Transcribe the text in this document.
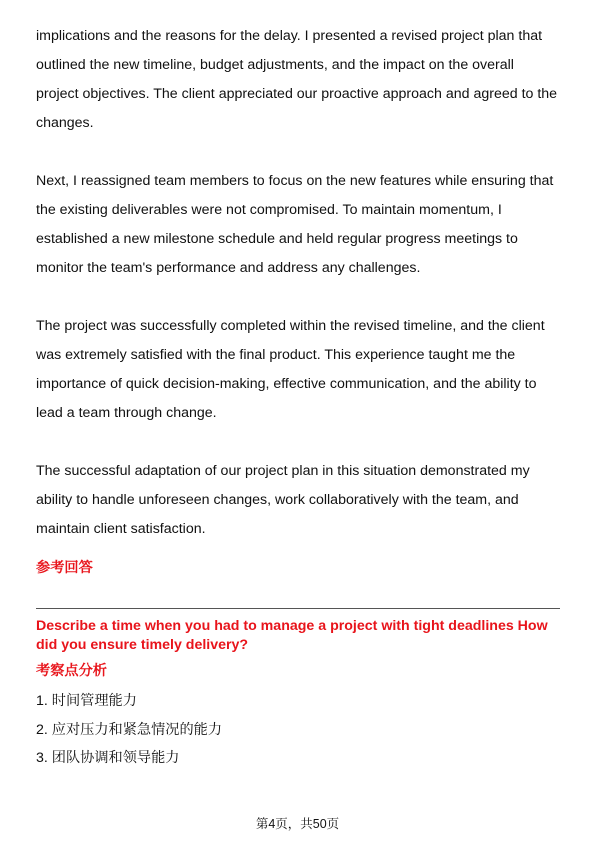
implications and the reasons for the delay. I presented a revised project plan that outlined the new timeline, budget adjustments, and the impact on the overall project objectives. The client appreciated our proactive approach and agreed to the changes.

Next, I reassigned team members to focus on the new features while ensuring that the existing deliverables were not compromised. To maintain momentum, I established a new milestone schedule and held regular progress meetings to monitor the team's performance and address any challenges.

The project was successfully completed within the revised timeline, and the client was extremely satisfied with the final product. This experience taught me the importance of quick decision-making, effective communication, and the ability to lead a team through change.

The successful adaptation of our project plan in this situation demonstrated my ability to handle unforeseen changes, work collaboratively with the team, and maintain client satisfaction.

参考回答
Describe a time when you had to manage a project with tight deadlines How did you ensure timely delivery?
考察点分析
1. 时间管理能力
2. 应对压力和紧急情况的能力
3. 团队协调和领导能力
第4页，共50页
